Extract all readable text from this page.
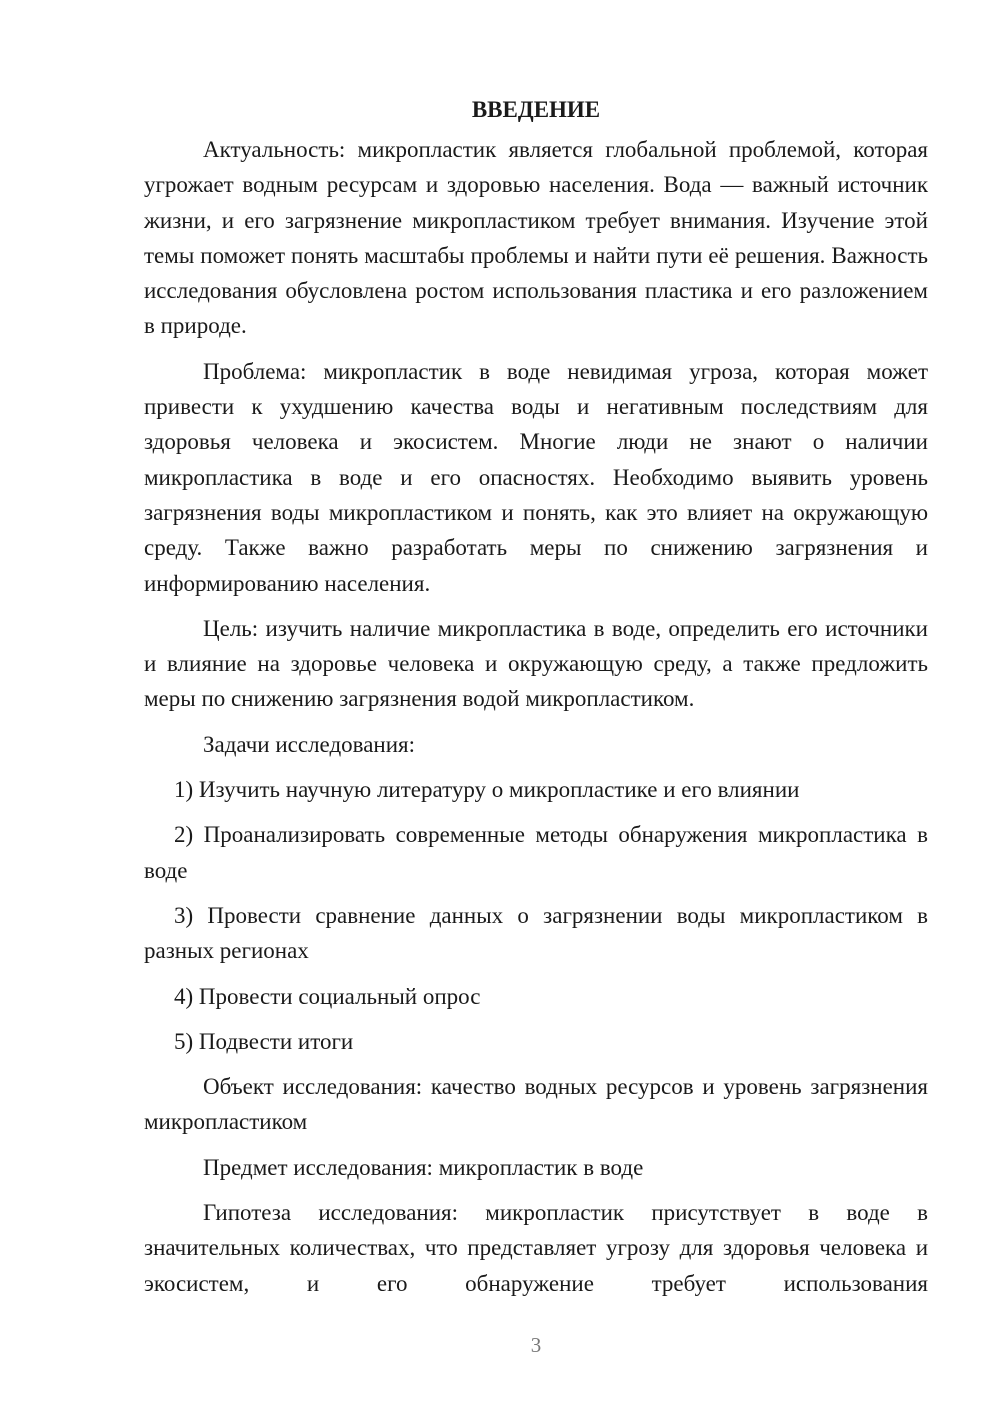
ВВЕДЕНИЕ

Актуальность: микропластик является глобальной проблемой, которая угрожает водным ресурсам и здоровью населения. Вода — важный источник жизни, и его загрязнение микропластиком требует внимания. Изучение этой темы поможет понять масштабы проблемы и найти пути её решения. Важность исследования обусловлена ростом использования пластика и его разложением в природе.

Проблема: микропластик в воде невидимая угроза, которая может привести к ухудшению качества воды и негативным последствиям для здоровья человека и экосистем. Многие люди не знают о наличии микропластика в воде и его опасностях. Необходимо выявить уровень загрязнения воды микропластиком и понять, как это влияет на окружающую среду. Также важно разработать меры по снижению загрязнения и информированию населения.

Цель: изучить наличие микропластика в воде, определить его источники и влияние на здоровье человека и окружающую среду, а также предложить меры по снижению загрязнения водой микропластиком.

Задачи исследования:

1) Изучить научную литературу о микропластике и его влиянии

2) Проанализировать современные методы обнаружения микропластика в воде

3) Провести сравнение данных о загрязнении воды микропластиком в разных регионах

4) Провести социальный опрос

5) Подвести итоги

Объект исследования: качество водных ресурсов и уровень загрязнения микропластиком

Предмет исследования: микропластик в воде

Гипотеза исследования: микропластик присутствует в воде в значительных количествах, что представляет угрозу для здоровья человека и экосистем, и его обнаружение требует использования

3
